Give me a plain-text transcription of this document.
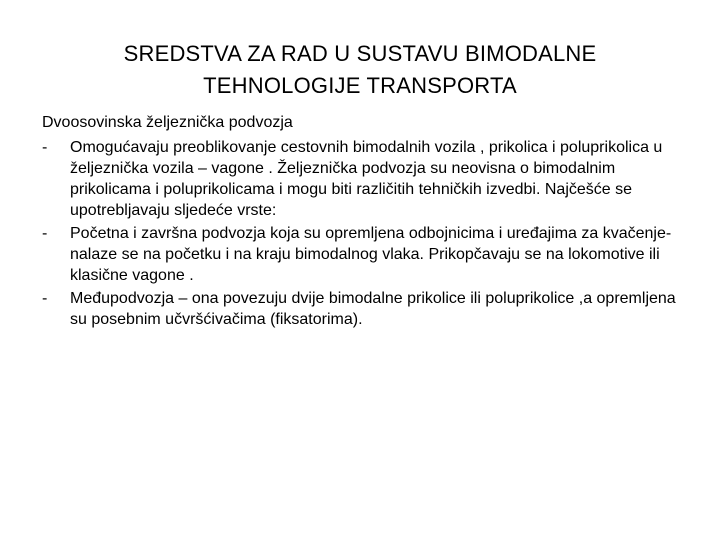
SREDSTVA ZA RAD U SUSTAVU BIMODALNE
TEHNOLOGIJE TRANSPORTA
Dvoosovinska željeznička podvozja
-	Omogućavaju preoblikovanje cestovnih bimodalnih vozila , prikolica i poluprikolica u željeznička vozila – vagone . Željeznička podvozja su neovisna o bimodalnim prikolicama i poluprikolicama i mogu biti različitih tehničkih izvedbi. Najčešće se upotrebljavaju sljedeće vrste:
-	Početna i završna podvozja koja su opremljena odbojnicima i uređajima za kvačenje- nalaze se na početku i na kraju bimodalnog vlaka. Prikopčavaju se na lokomotive ili klasične vagone .
-	Međupodvozja – ona povezuju dvije bimodalne prikolice ili poluprikolice ,a opremljena su posebnim učvršćivačima (fiksatorima).
